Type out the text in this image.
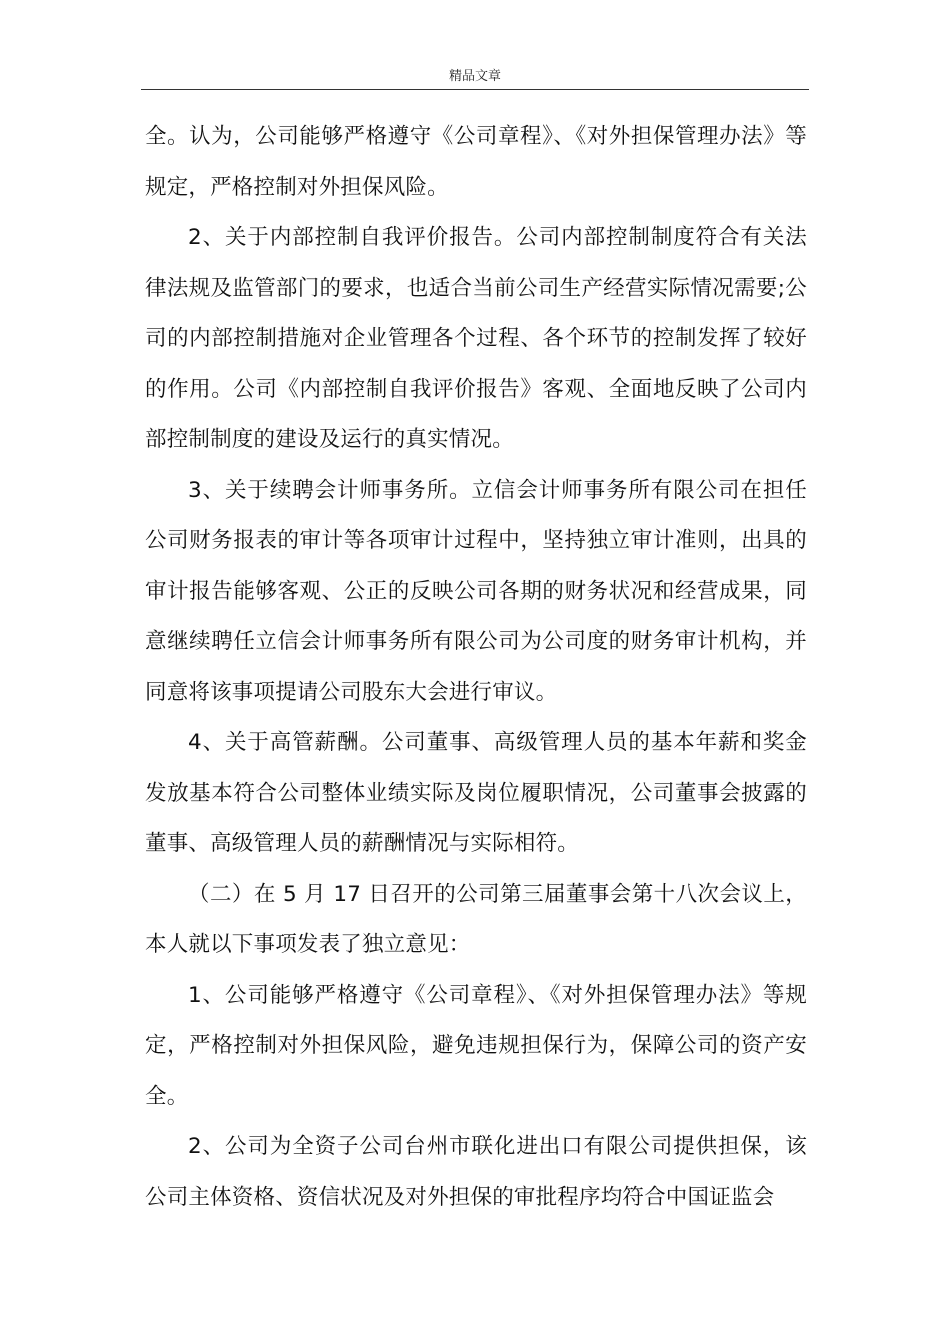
精品文章

全。认为，公司能够严格遵守《公司章程》、《对外担保管理办法》等规定，严格控制对外担保风险。

2、关于内部控制自我评价报告。公司内部控制制度符合有关法律法规及监管部门的要求，也适合当前公司生产经营实际情况需要;公司的内部控制措施对企业管理各个过程、各个环节的控制发挥了较好的作用。公司《内部控制自我评价报告》客观、全面地反映了公司内部控制制度的建设及运行的真实情况。

3、关于续聘会计师事务所。立信会计师事务所有限公司在担任公司财务报表的审计等各项审计过程中，坚持独立审计准则，出具的审计报告能够客观、公正的反映公司各期的财务状况和经营成果，同意继续聘任立信会计师事务所有限公司为公司度的财务审计机构，并同意将该事项提请公司股东大会进行审议。

4、关于高管薪酬。公司董事、高级管理人员的基本年薪和奖金发放基本符合公司整体业绩实际及岗位履职情况，公司董事会披露的董事、高级管理人员的薪酬情况与实际相符。

（二）在 5 月 17 日召开的公司第三届董事会第十八次会议上，本人就以下事项发表了独立意见：

1、公司能够严格遵守《公司章程》、《对外担保管理办法》等规定，严格控制对外担保风险，避免违规担保行为，保障公司的资产安全。

2、公司为全资子公司台州市联化进出口有限公司提供担保，该公司主体资格、资信状况及对外担保的审批程序均符合中国证监会
